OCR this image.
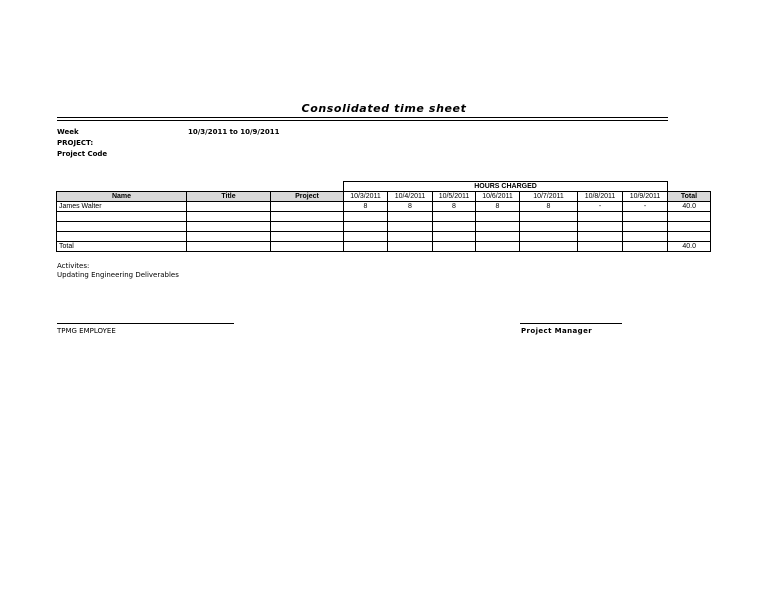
Consolidated time sheet
Week	10/3/2011 to 10/9/2011
PROJECT:
Project Code
			HOURS CHARGED							
Name	Title	Project	10/3/2011	10/4/2011	10/5/2011	10/6/2011	10/7/2011	10/8/2011	10/9/2011	Total
James Walter			8	8	8	8	8	-	-	40.0

Total										40.0
Activites:
Updating Engineering Deliverables
TPMG EMPLOYEE	Project Manager
